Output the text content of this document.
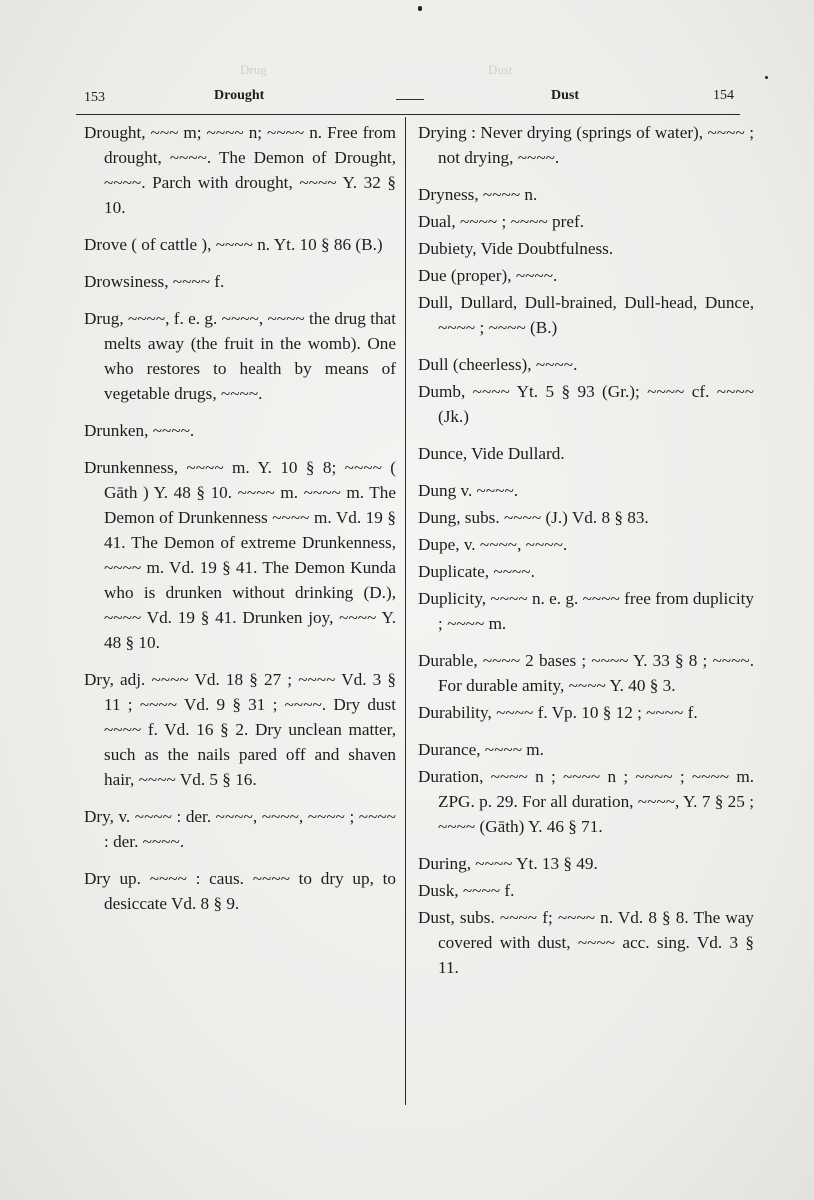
Drug	Dust
153	Drought	Dust	154

Drought, ~~~ m; ~~~~ n; ~~~~ n. Free from drought, ~~~~. The Demon of Drought, ~~~~. Parch with drought, ~~~~ Y. 32 § 10.

Drove ( of cattle ), ~~~~ n. Yt. 10 § 86 (B.)

Drowsiness, ~~~~ f.

Drug, ~~~~, f. e. g. ~~~~, ~~~~ the drug that melts away (the fruit in the womb). One who restores to health by means of vegetable drugs, ~~~~.

Drunken, ~~~~.

Drunkenness, ~~~~ m. Y. 10 § 8; ~~~~ ( Gāth ) Y. 48 § 10. ~~~~ m. ~~~~ m. The Demon of Drunkenness ~~~~ m. Vd. 19 § 41. The Demon of extreme Drunkenness, ~~~~ m. Vd. 19 § 41. The Demon Kunda who is drunken without drinking (D.), ~~~~ Vd. 19 § 41. Drunken joy, ~~~~ Y. 48 § 10.

Dry, adj. ~~~~ Vd. 18 § 27 ; ~~~~ Vd. 3 § 11 ; ~~~~ Vd. 9 § 31 ; ~~~~. Dry dust ~~~~ f. Vd. 16 § 2. Dry unclean matter, such as the nails pared off and shaven hair, ~~~~ Vd. 5 § 16.

Dry, v. ~~~~ : der. ~~~~, ~~~~, ~~~~ ; ~~~~ : der. ~~~~.

Dry up. ~~~~ : caus. ~~~~ to dry up, to desiccate Vd. 8 § 9.

Drying : Never drying (springs of water), ~~~~ ; not drying, ~~~~.

Dryness, ~~~~ n.

Dual, ~~~~ ; ~~~~ pref.

Dubiety, Vide Doubtfulness.

Due (proper), ~~~~.

Dull, Dullard, Dull-brained, Dull-head, Dunce, ~~~~ ; ~~~~ (B.)

Dull (cheerless), ~~~~.

Dumb, ~~~~ Yt. 5 § 93 (Gr.); ~~~~ cf. ~~~~ (Jk.)

Dunce, Vide Dullard.

Dung v. ~~~~.

Dung, subs. ~~~~ (J.) Vd. 8 § 83.

Dupe, v. ~~~~, ~~~~.

Duplicate, ~~~~.

Duplicity, ~~~~ n. e. g. ~~~~ free from duplicity ; ~~~~ m.

Durable, ~~~~ 2 bases ; ~~~~ Y. 33 § 8 ; ~~~~. For durable amity, ~~~~ Y. 40 § 3.

Durability, ~~~~ f. Vp. 10 § 12 ; ~~~~ f.

Durance, ~~~~ m.

Duration, ~~~~ n ; ~~~~ n ; ~~~~ ; ~~~~ m. ZPG. p. 29. For all duration, ~~~~, Y. 7 § 25 ; ~~~~ (Gāth) Y. 46 § 71.

During, ~~~~ Yt. 13 § 49.

Dusk, ~~~~ f.

Dust, subs. ~~~~ f; ~~~~ n. Vd. 8 § 8. The way covered with dust, ~~~~ acc. sing. Vd. 3 § 11.
